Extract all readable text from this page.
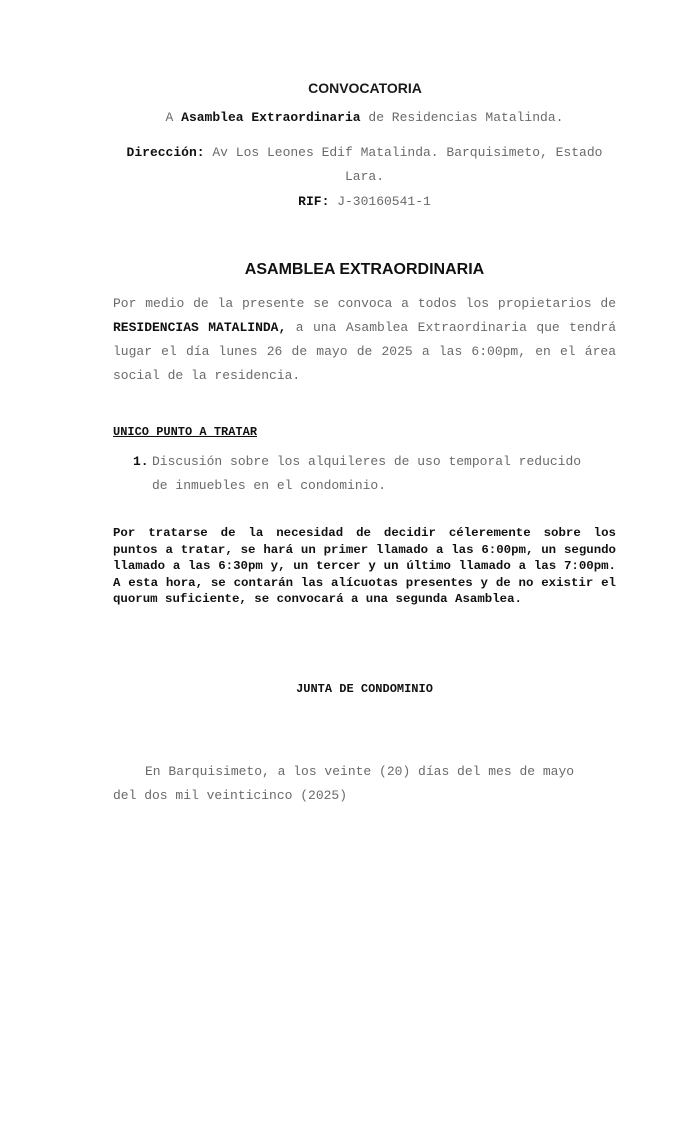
CONVOCATORIA
A Asamblea Extraordinaria de Residencias Matalinda.
Dirección: Av Los Leones Edif Matalinda. Barquisimeto, Estado Lara.
RIF: J-30160541-1
ASAMBLEA EXTRAORDINARIA
Por medio de la presente se convoca a todos los propietarios de RESIDENCIAS MATALINDA, a una Asamblea Extraordinaria que tendrá lugar el día lunes 26 de mayo de 2025 a las 6:00pm, en el área social de la residencia.
UNICO PUNTO A TRATAR
1. Discusión sobre los alquileres de uso temporal reducido
de inmuebles en el condominio.
Por tratarse de la necesidad de decidir céleremente sobre los puntos a tratar, se hará un primer llamado a las 6:00pm, un segundo llamado a las 6:30pm y, un tercer y un último llamado a las 7:00pm. A esta hora, se contarán las alícuotas presentes y de no existir el quorum suficiente, se convocará a una segunda Asamblea.
JUNTA DE CONDOMINIO
En Barquisimeto, a los veinte (20) días del mes de mayo
del dos mil veinticinco (2025)
